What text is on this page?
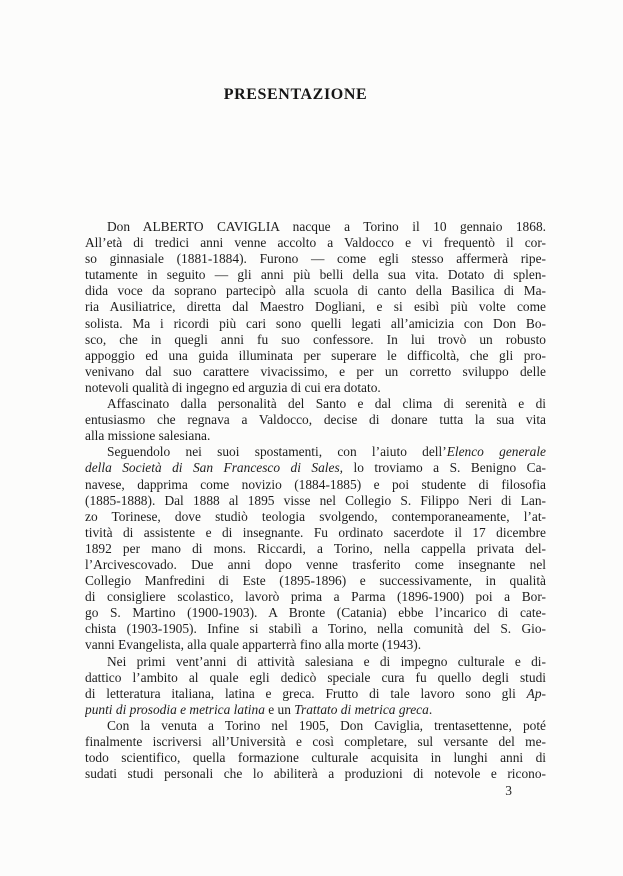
PRESENTAZIONE
Don ALBERTO CAVIGLIA nacque a Torino il 10 gennaio 1868.
All’età di tredici anni venne accolto a Valdocco e vi frequentò il cor-
so ginnasiale (1881-1884). Furono — come egli stesso affermerà ripe-
tutamente in seguito — gli anni più belli della sua vita. Dotato di splen-
dida voce da soprano partecipò alla scuola di canto della Basilica di Ma-
ria Ausiliatrice, diretta dal Maestro Dogliani, e si esibì più volte come
solista. Ma i ricordi più cari sono quelli legati all’amicizia con Don Bo-
sco, che in quegli anni fu suo confessore. In lui trovò un robusto
appoggio ed una guida illuminata per superare le difficoltà, che gli pro-
venivano dal suo carattere vivacissimo, e per un corretto sviluppo delle
notevoli qualità di ingegno ed arguzia di cui era dotato.
Affascinato dalla personalità del Santo e dal clima di serenità e di
entusiasmo che regnava a Valdocco, decise di donare tutta la sua vita
alla missione salesiana.
Seguendolo nei suoi spostamenti, con l’aiuto dell’Elenco generale
della Società di San Francesco di Sales, lo troviamo a S. Benigno Ca-
navese, dapprima come novizio (1884-1885) e poi studente di filosofia
(1885-1888). Dal 1888 al 1895 visse nel Collegio S. Filippo Neri di Lan-
zo Torinese, dove studiò teologia svolgendo, contemporaneamente, l’at-
tività di assistente e di insegnante. Fu ordinato sacerdote il 17 dicembre
1892 per mano di mons. Riccardi, a Torino, nella cappella privata del-
l’Arcivescovado. Due anni dopo venne trasferito come insegnante nel
Collegio Manfredini di Este (1895-1896) e successivamente, in qualità
di consigliere scolastico, lavorò prima a Parma (1896-1900) poi a Bor-
go S. Martino (1900-1903). A Bronte (Catania) ebbe l’incarico di cate-
chista (1903-1905). Infine si stabilì a Torino, nella comunità del S. Gio-
vanni Evangelista, alla quale apparterrà fino alla morte (1943).
Nei primi vent’anni di attività salesiana e di impegno culturale e di-
dattico l’ambito al quale egli dedicò speciale cura fu quello degli studi
di letteratura italiana, latina e greca. Frutto di tale lavoro sono gli Ap-
punti di prosodia e metrica latina e un Trattato di metrica greca.
Con la venuta a Torino nel 1905, Don Caviglia, trentasettenne, poté
finalmente iscriversi all’Università e così completare, sul versante del me-
todo scientifico, quella formazione culturale acquisita in lunghi anni di
sudati studi personali che lo abiliterà a produzioni di notevole e ricono-
3
